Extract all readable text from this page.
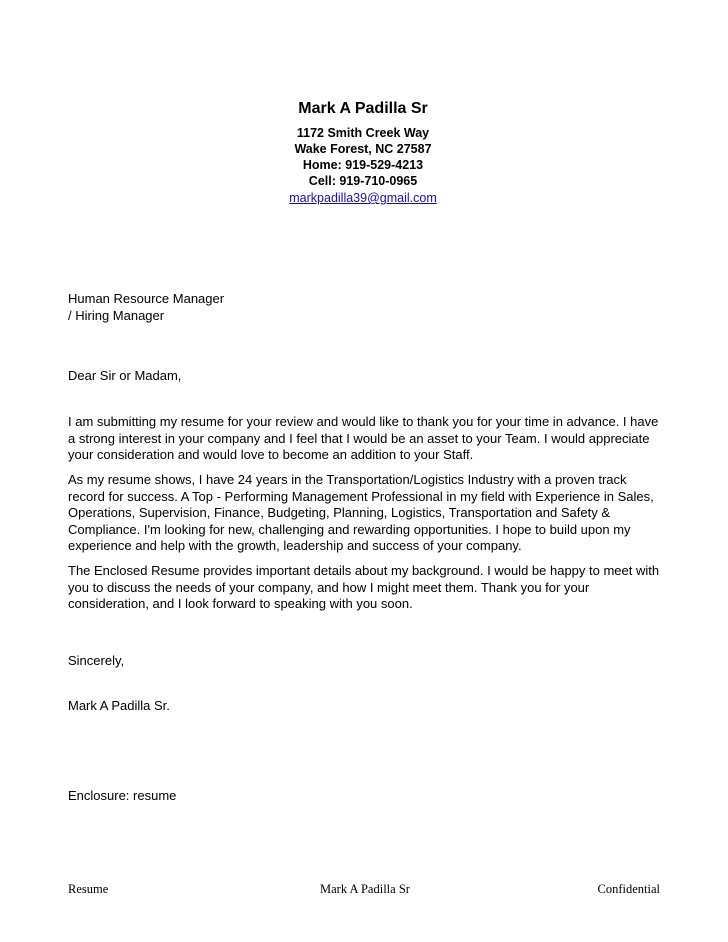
Mark A Padilla Sr
1172 Smith Creek Way
Wake Forest, NC 27587
Home: 919-529-4213
Cell: 919-710-0965
markpadilla39@gmail.com
Human Resource Manager
/ Hiring Manager
Dear Sir or Madam,

I am submitting my resume for your review and would like to thank you for your time in advance. I have a strong interest in your company and I feel that I would be an asset to your Team. I would appreciate your consideration and would love to become an addition to your Staff.

As my resume shows, I have 24 years in the Transportation/Logistics Industry with a proven track record for success. A Top - Performing Management Professional in my field with Experience in Sales, Operations, Supervision, Finance, Budgeting, Planning, Logistics, Transportation and Safety & Compliance. I'm looking for new, challenging and rewarding opportunities. I hope to build upon my experience and help with the growth, leadership and success of your company.

The Enclosed Resume provides important details about my background. I would be happy to meet with you to discuss the needs of your company, and how I might meet them. Thank you for your consideration, and I look forward to speaking with you soon.

Sincerely,
Mark A Padilla Sr.
Enclosure: resume
Resume	Mark A Padilla Sr	Confidential
